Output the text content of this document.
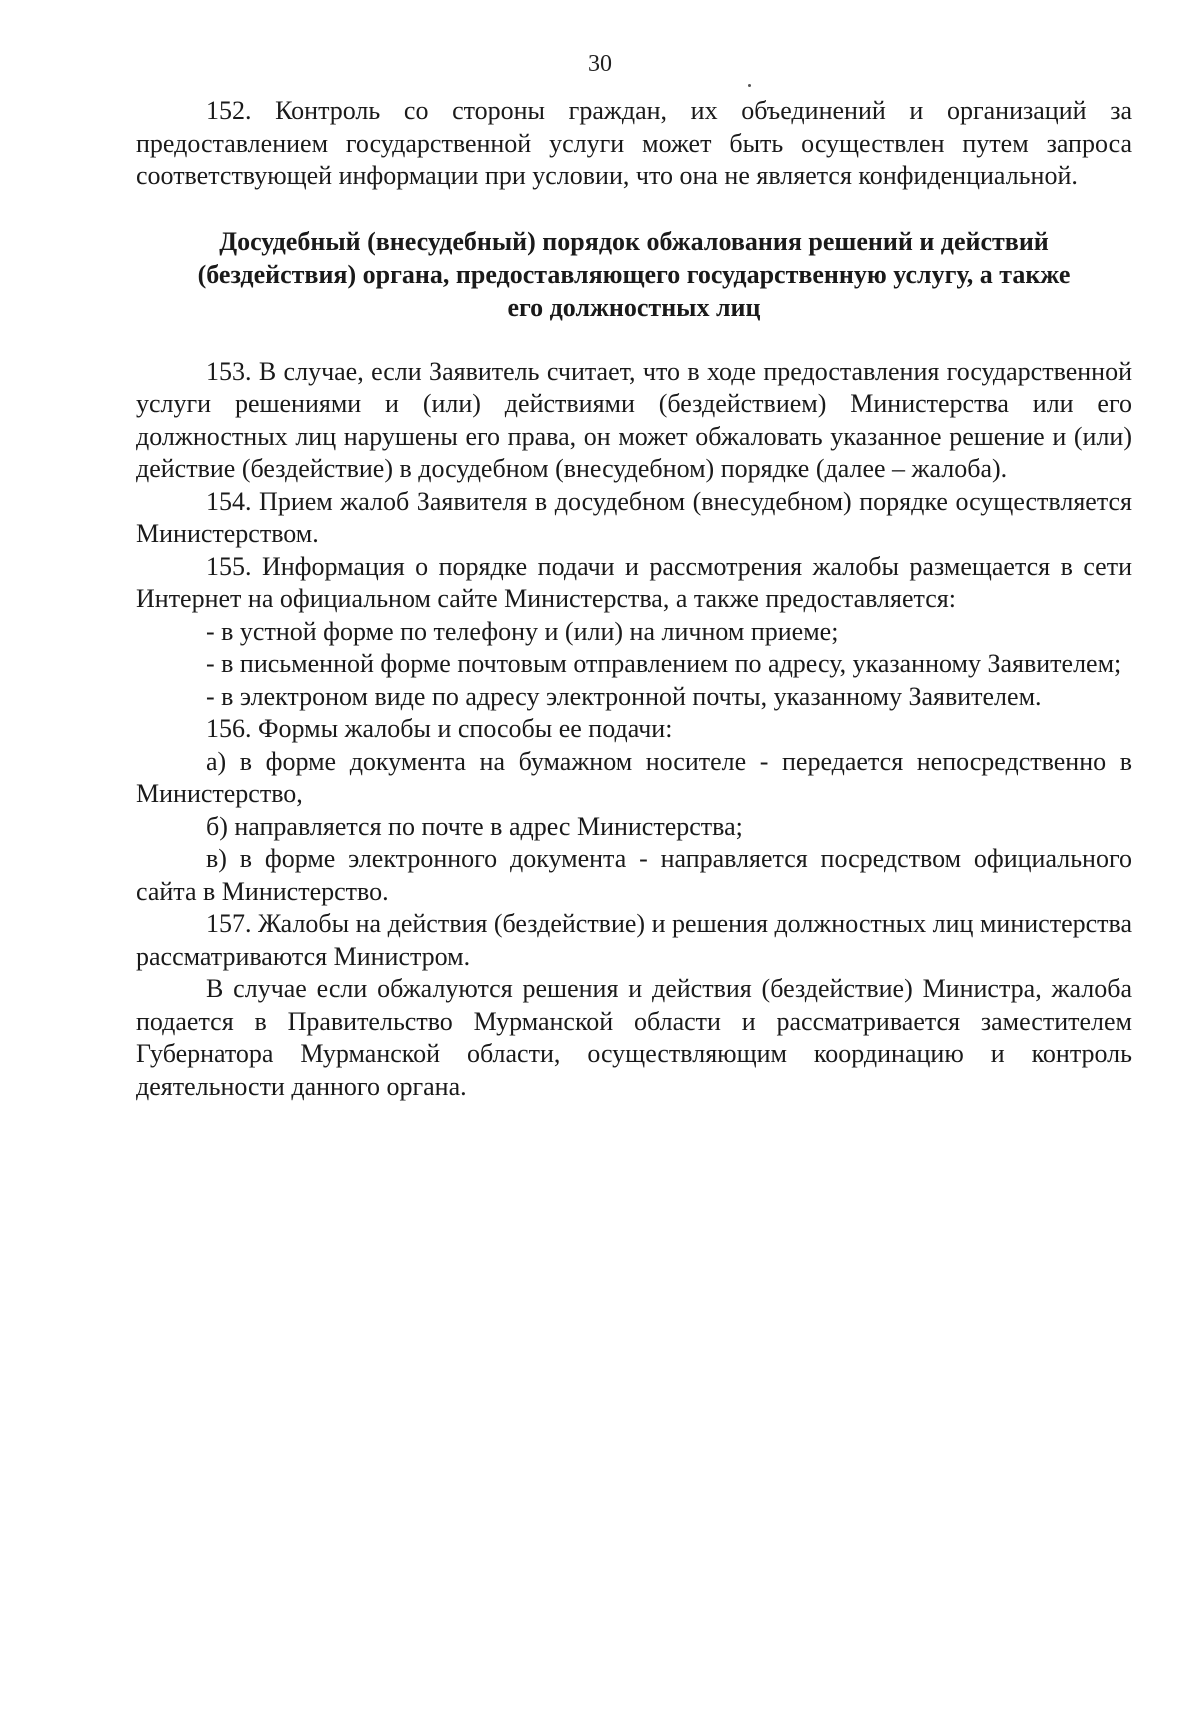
30

152. Контроль со стороны граждан, их объединений и организаций за предоставлением государственной услуги может быть осуществлен путем запроса соответствующей информации при условии, что она не является конфиденциальной.

Досудебный (внесудебный) порядок обжалования решений и действий (бездействия) органа, предоставляющего государственную услугу, а также его должностных лиц

153. В случае, если Заявитель считает, что в ходе предоставления государственной услуги решениями и (или) действиями (бездействием) Министерства или его должностных лиц нарушены его права, он может обжаловать указанное решение и (или) действие (бездействие) в досудебном (внесудебном) порядке (далее – жалоба).

154. Прием жалоб Заявителя в досудебном (внесудебном) порядке осуществляется Министерством.

155. Информация о порядке подачи и рассмотрения жалобы размещается в сети Интернет на официальном сайте Министерства, а также предоставляется:

- в устной форме по телефону и (или) на личном приеме;

- в письменной форме почтовым отправлением по адресу, указанному Заявителем;

- в электроном виде по адресу электронной почты, указанному Заявителем.

156. Формы жалобы и способы ее подачи:

а) в форме документа на бумажном носителе - передается непосредственно в Министерство,

б) направляется по почте в адрес Министерства;

в) в форме электронного документа - направляется посредством официального сайта в Министерство.

157. Жалобы на действия (бездействие) и решения должностных лиц министерства рассматриваются Министром.

В случае если обжалуются решения и действия (бездействие) Министра, жалоба подается в Правительство Мурманской области и рассматривается заместителем Губернатора Мурманской области, осуществляющим координацию и контроль деятельности данного органа.
